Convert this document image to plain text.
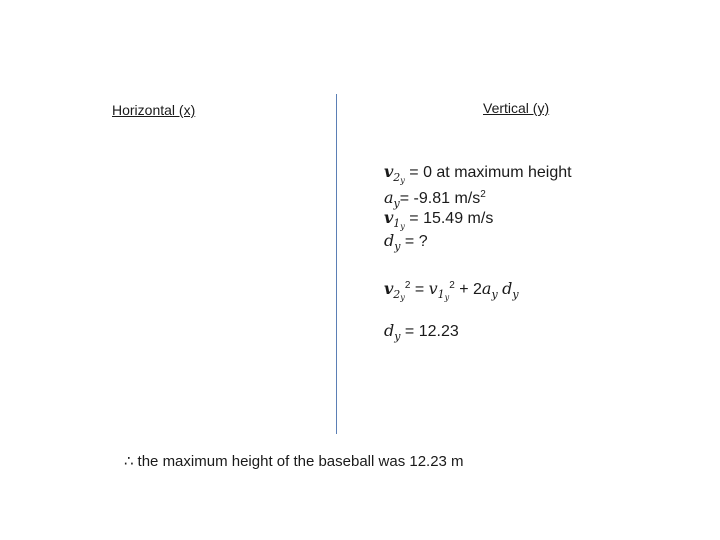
Horizontal (x)	Vertical (y)
$v_{2y} = 0$ at maximum height
$a_y= -9.81$ $m/s^2$
$v_{1y} = 15.49$ m/s
$d_y$ = ?
$v_{2y}^2 = v_{1y}^2 + 2a_y$ $d_y$
$d_y = 12.23$
∴ the maximum height of the baseball was 12.23 m
